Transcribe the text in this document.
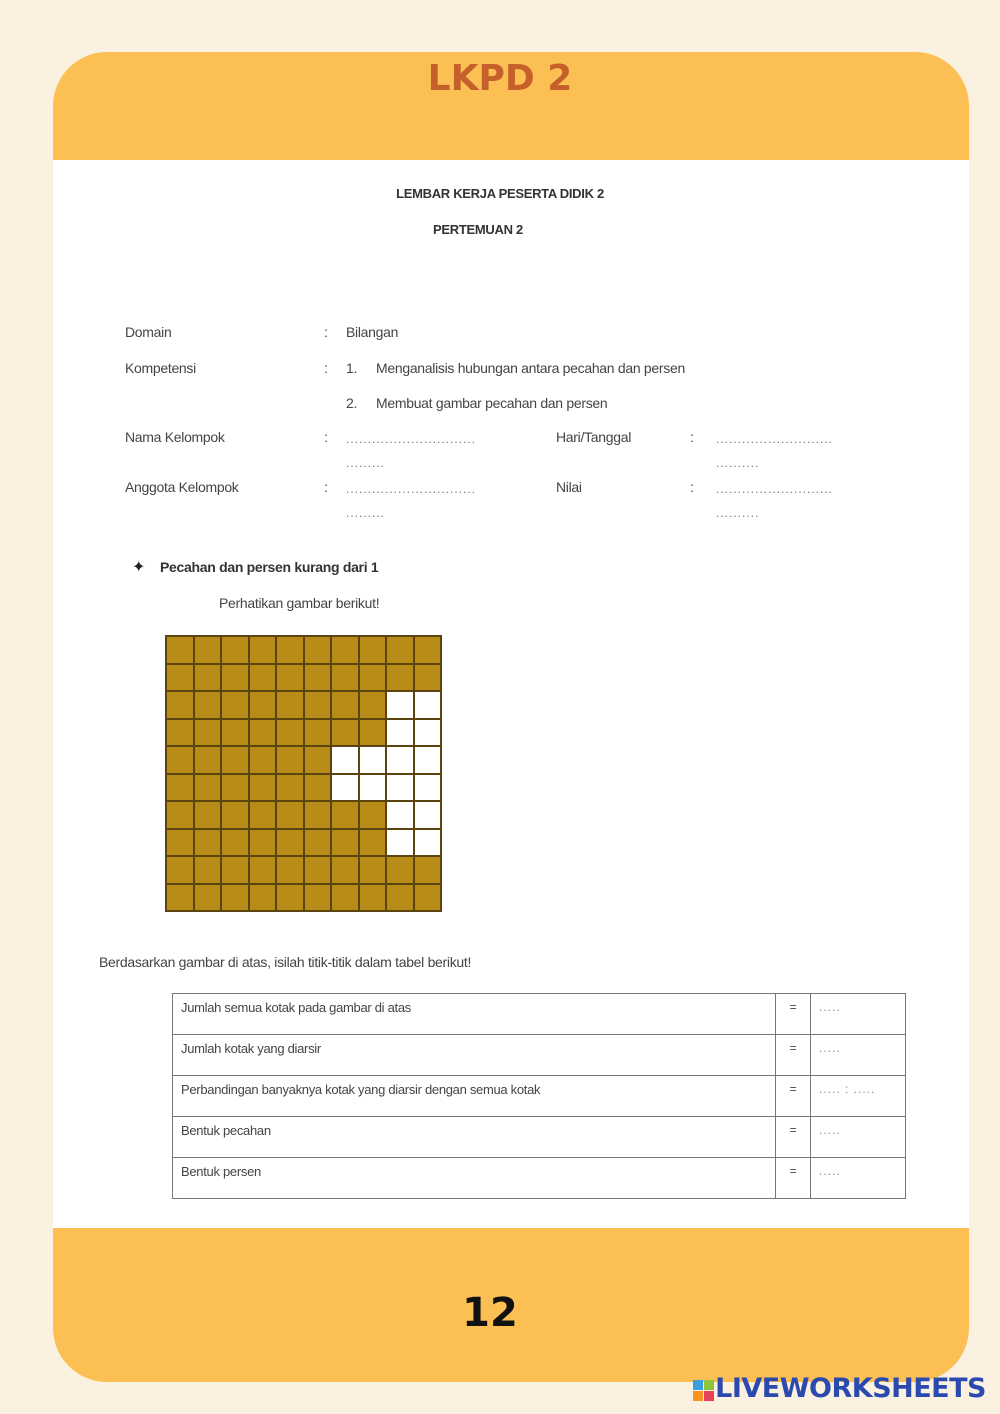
LKPD 2
LEMBAR KERJA PESERTA DIDIK 2
PERTEMUAN 2
Domain	: Bilangan
Kompetensi	: 1. Menganalisis hubungan antara pecahan dan persen
2. Membuat gambar pecahan dan persen
Nama Kelompok	: ..............................
.........
Hari/Tanggal	: ...........................
..........
Anggota Kelompok	: ..............................
.........
Nilai	: ...........................
..........
✦ Pecahan dan persen kurang dari 1
Perhatikan gambar berikut!
Berdasarkan gambar di atas, isilah titik-titik dalam tabel berikut!
Jumlah semua kotak pada gambar di atas	=	.....
Jumlah kotak yang diarsir	=	.....
Perbandingan banyaknya kotak yang diarsir dengan semua kotak	=	..... : .....
Bentuk pecahan	=	.....
Bentuk persen	=	.....
12
LIVEWORKSHEETS
